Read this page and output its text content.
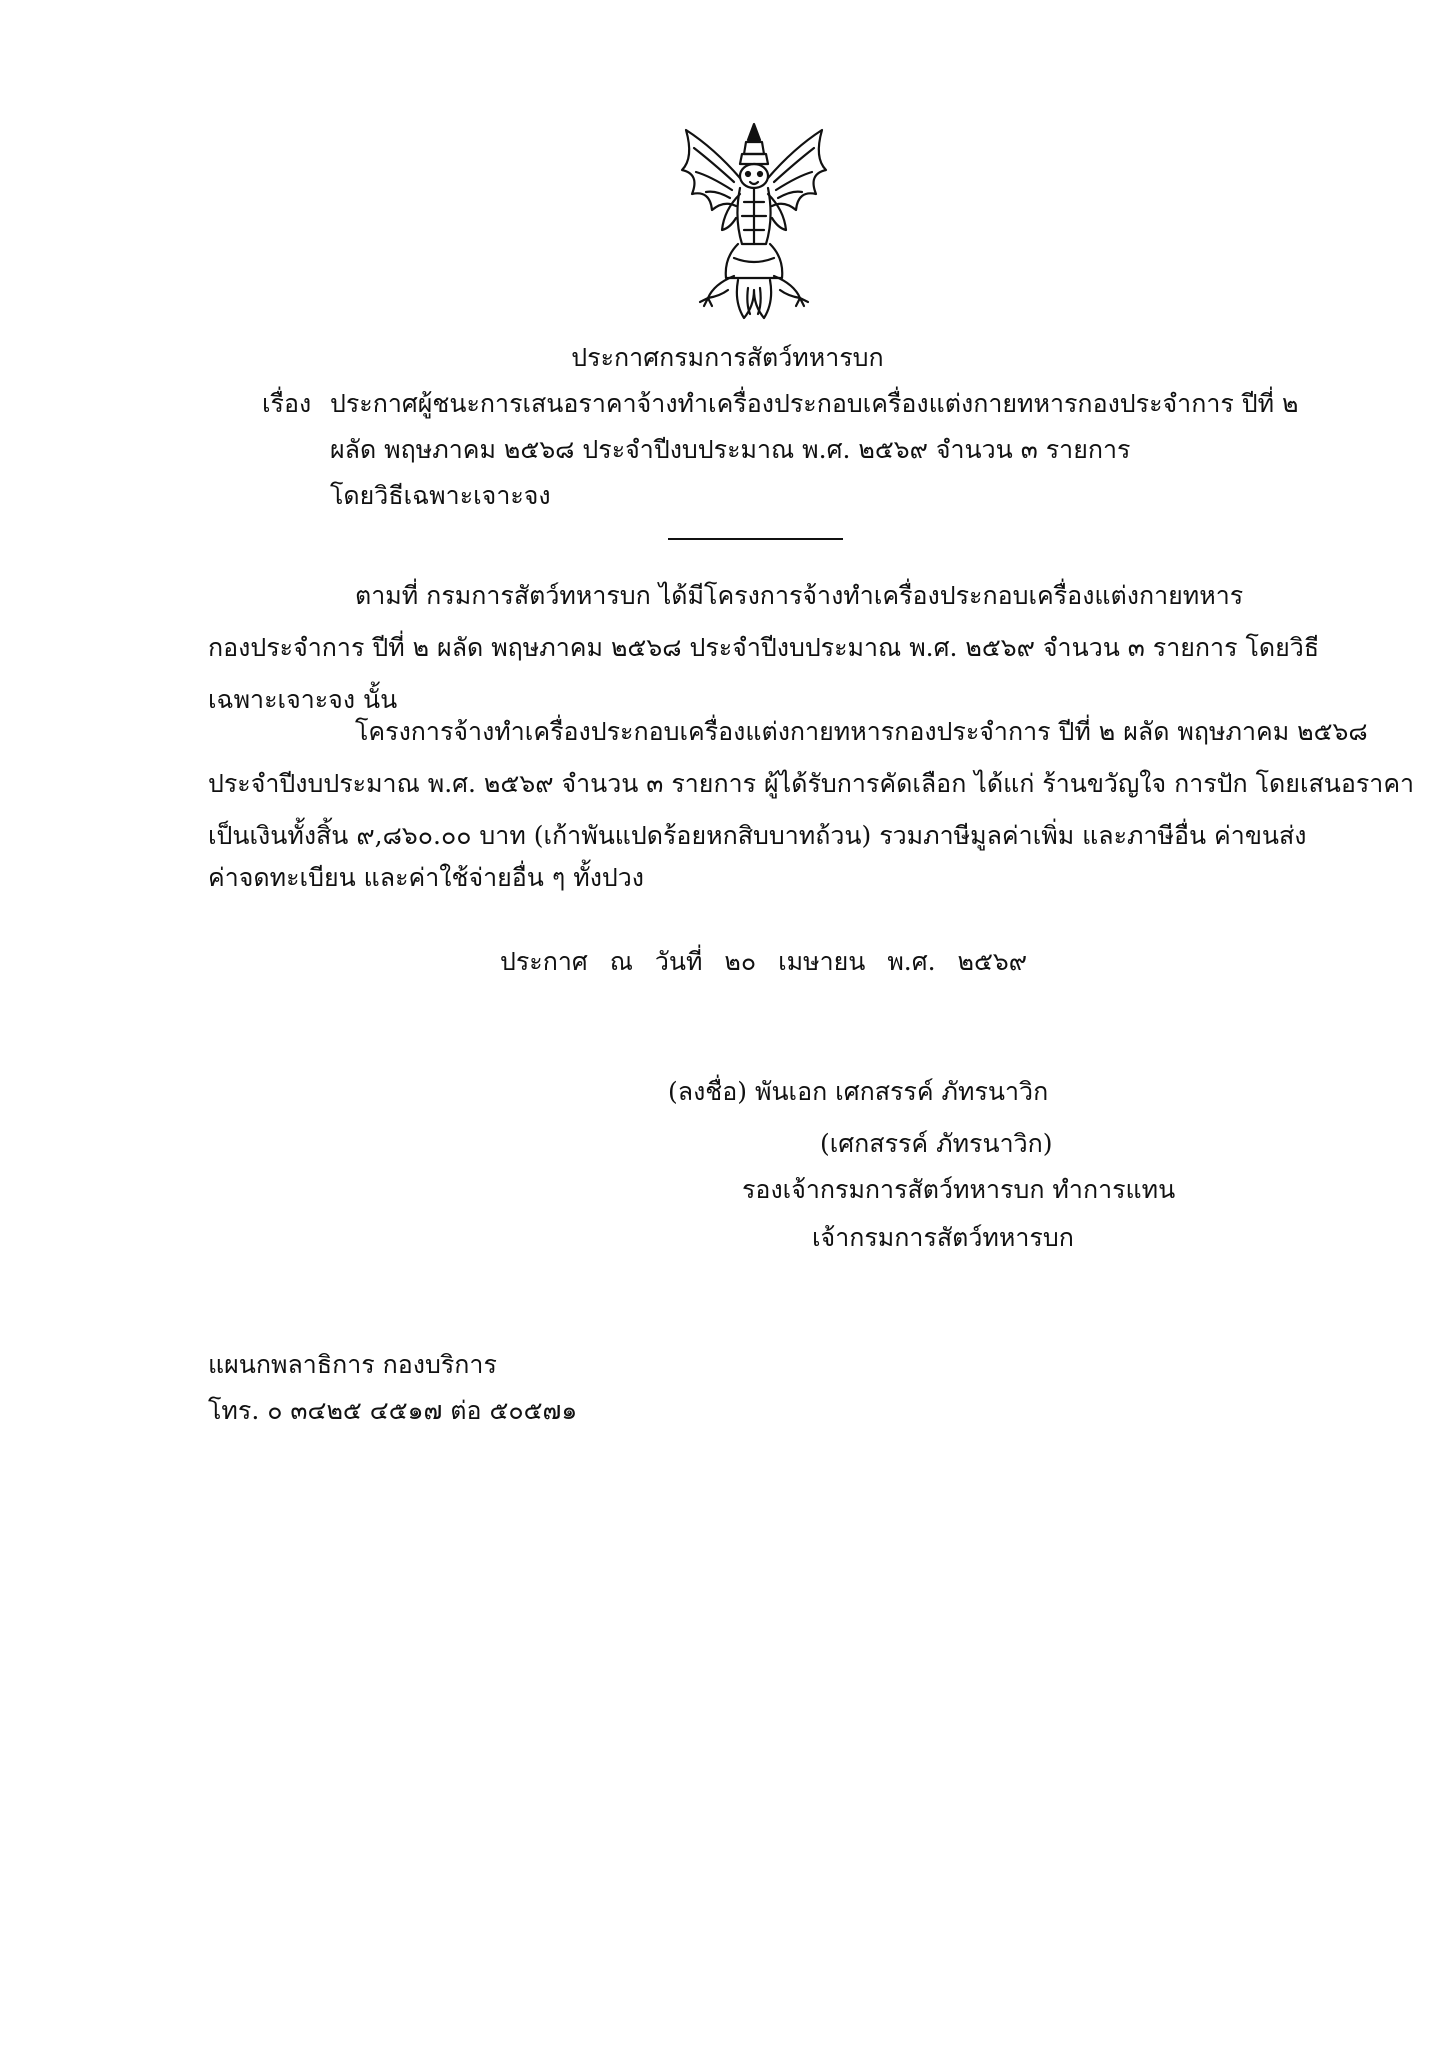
ประกาศกรมการสัตว์ทหารบก
เรื่อง ประกาศผู้ชนะการเสนอราคาจ้างทำเครื่องประกอบเครื่องแต่งกายทหารกองประจำการ ปีที่ ๒
ผลัด พฤษภาคม ๒๕๖๘ ประจำปีงบประมาณ พ.ศ. ๒๕๖๙ จำนวน ๓ รายการ
โดยวิธีเฉพาะเจาะจง
ตามที่ กรมการสัตว์ทหารบก ได้มีโครงการจ้างทำเครื่องประกอบเครื่องแต่งกายทหาร
กองประจำการ ปีที่ ๒ ผลัด พฤษภาคม ๒๕๖๘ ประจำปีงบประมาณ พ.ศ. ๒๕๖๙ จำนวน ๓ รายการ โดยวิธี
เฉพาะเจาะจง นั้น
โครงการจ้างทำเครื่องประกอบเครื่องแต่งกายทหารกองประจำการ ปีที่ ๒ ผลัด พฤษภาคม ๒๕๖๘
ประจำปีงบประมาณ พ.ศ. ๒๕๖๙ จำนวน ๓ รายการ ผู้ได้รับการคัดเลือก ได้แก่ ร้านขวัญใจ การปัก โดยเสนอราคา
เป็นเงินทั้งสิ้น ๙,๘๖๐.๐๐ บาท (เก้าพันแปดร้อยหกสิบบาทถ้วน) รวมภาษีมูลค่าเพิ่ม และภาษีอื่น ค่าขนส่ง
ค่าจดทะเบียน และค่าใช้จ่ายอื่น ๆ ทั้งปวง
ประกาศ ณ วันที่ ๒๐ เมษายน พ.ศ. ๒๕๖๙
(ลงชื่อ) พันเอก เศกสรรค์ ภัทรนาวิก
(เศกสรรค์ ภัทรนาวิก)
รองเจ้ากรมการสัตว์ทหารบก ทำการแทน
เจ้ากรมการสัตว์ทหารบก
แผนกพลาธิการ กองบริการ
โทร. ๐ ๓๔๒๕ ๔๕๑๗ ต่อ ๕๐๕๗๑
